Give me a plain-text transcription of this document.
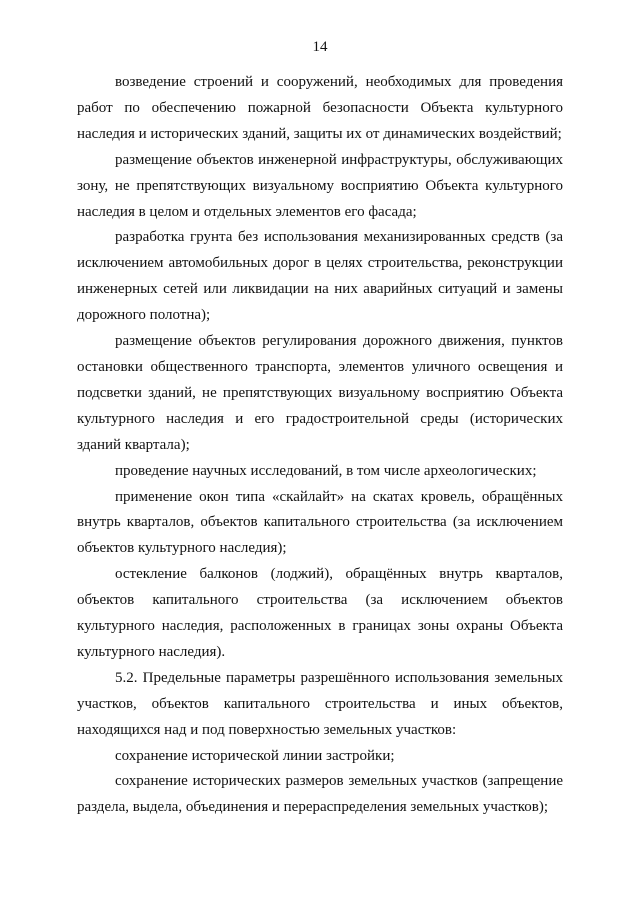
14

возведение строений и сооружений, необходимых для проведения работ по обеспечению пожарной безопасности Объекта культурного наследия и исторических зданий, защиты их от динамических воздействий;

размещение объектов инженерной инфраструктуры, обслуживающих зону, не препятствующих визуальному восприятию Объекта культурного наследия в целом и отдельных элементов его фасада;

разработка грунта без использования механизированных средств (за исключением автомобильных дорог в целях строительства, реконструкции инженерных сетей или ликвидации на них аварийных ситуаций и замены дорожного полотна);

размещение объектов регулирования дорожного движения, пунктов остановки общественного транспорта, элементов уличного освещения и подсветки зданий, не препятствующих визуальному восприятию Объекта культурного наследия и его градостроительной среды (исторических зданий квартала);

проведение научных исследований, в том числе археологических;

применение окон типа «скайлайт» на скатах кровель, обращённых внутрь кварталов, объектов капитального строительства (за исключением объектов культурного наследия);

остекление балконов (лоджий), обращённых внутрь кварталов, объектов капитального строительства (за исключением объектов культурного наследия, расположенных в границах зоны охраны Объекта культурного наследия).

5.2. Предельные параметры разрешённого использования земельных участков, объектов капитального строительства и иных объектов, находящихся над и под поверхностью земельных участков:

сохранение исторической линии застройки;

сохранение исторических размеров земельных участков (запрещение раздела, выдела, объединения и перераспределения земельных участков);
